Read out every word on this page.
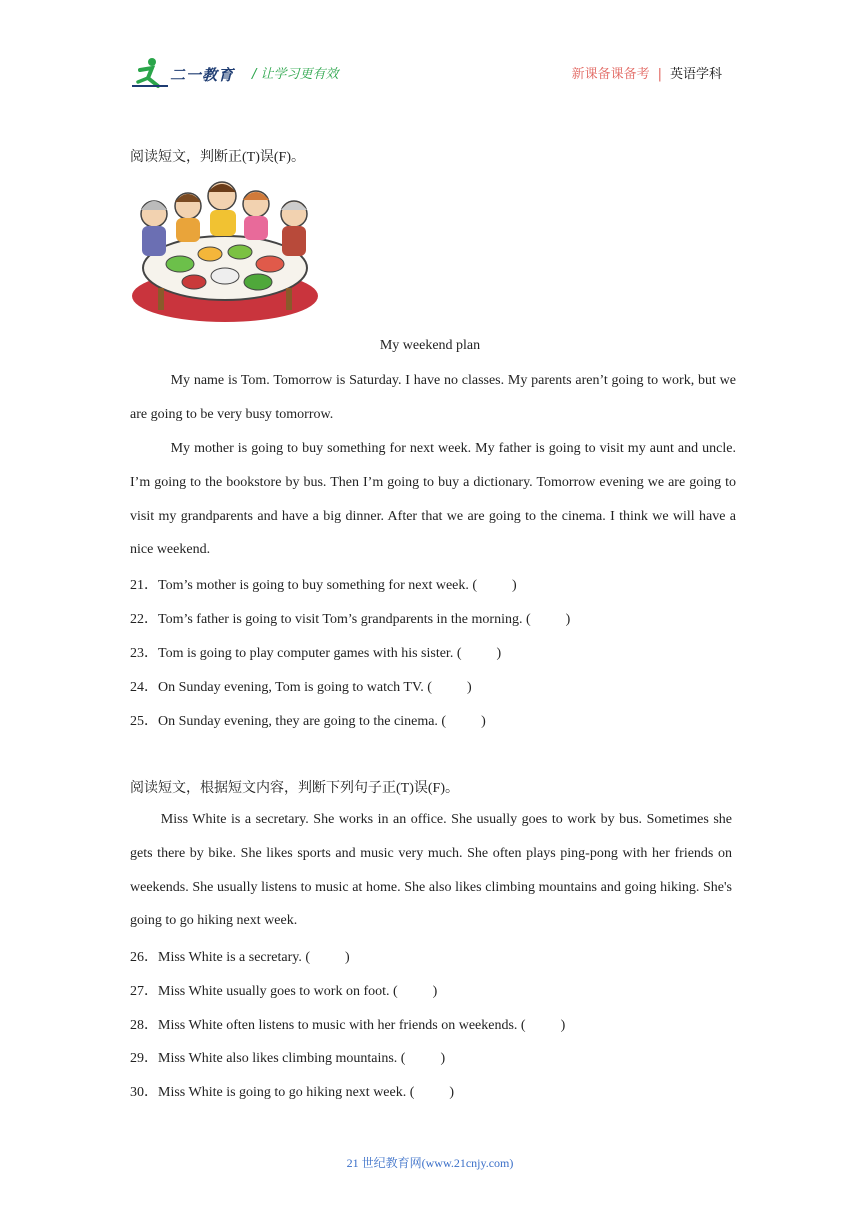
二一教育 / 让学习更有效	新课备课备考 | 英语学科
阅读短文，判断正(T)误(F)。
My weekend plan

My name is Tom. Tomorrow is Saturday. I have no classes. My parents aren’t going to work, but we are going to be very busy tomorrow.

My mother is going to buy something for next week. My father is going to visit my aunt and uncle. I’m going to the bookstore by bus. Then I’m going to buy a dictionary. Tomorrow evening we are going to visit my grandparents and have a big dinner. After that we are going to the cinema. I think we will have a nice weekend.

21．Tom’s mother is going to buy something for next week. (          )
22．Tom’s father is going to visit Tom’s grandparents in the morning. (          )
23．Tom is going to play computer games with his sister. (          )
24．On Sunday evening, Tom is going to watch TV. (          )
25．On Sunday evening, they are going to the cinema. (          )
阅读短文，根据短文内容，判断下列句子正(T)误(F)。

Miss White is a secretary. She works in an office. She usually goes to work by bus. Sometimes she gets there by bike. She likes sports and music very much. She often plays ping-pong with her friends on weekends. She usually listens to music at home. She also likes climbing mountains and going hiking. She's going to go hiking next week.

26．Miss White is a secretary. (          )
27．Miss White usually goes to work on foot. (          )
28．Miss White often listens to music with her friends on weekends. (          )
29．Miss White also likes climbing mountains. (          )
30．Miss White is going to go hiking next week. (          )
21 世纪教育网(www.21cnjy.com)
